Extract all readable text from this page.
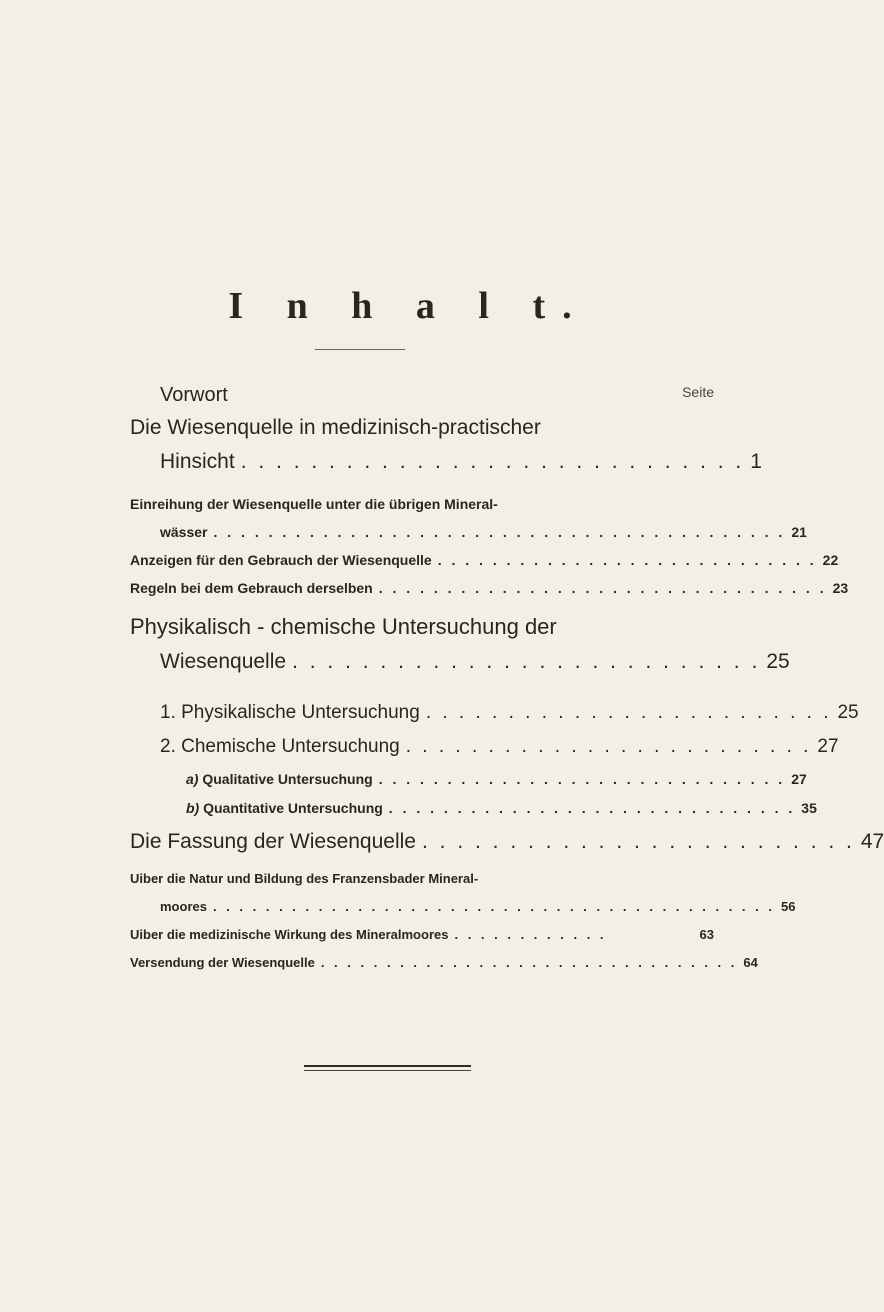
I n h a l t.
Seite
Vorwort
Die Wiesenquelle in medizinisch-practischer
Hinsicht . . . . . . . . . . . . . . . . . . . . . . . . . . . . . 1
Einreihung der Wiesenquelle unter die übrigen Mineral-
wässer . . . . . . . . . . . . . . . . . . . . . . . . . . . . . . . . . . . . . . . . . . 21
Anzeigen für den Gebrauch der Wiesenquelle . . . . . . . . . . . . . . . . . . . . . . . . . . . . 22
Regeln bei dem Gebrauch derselben . . . . . . . . . . . . . . . . . . . . . . . . . . . . . . . . . 23
Physikalisch - chemische Untersuchung der
Wiesenquelle . . . . . . . . . . . . . . . . . . . . . . . . . . . 25
1. Physikalische Untersuchung . . . . . . . . . . . . . . . . . . . . . . . . . 25
2. Chemische Untersuchung . . . . . . . . . . . . . . . . . . . . . . . . . 27
a) Qualitative Untersuchung . . . . . . . . . . . . . . . . . . . . . . . . . . . . . . 27
b) Quantitative Untersuchung . . . . . . . . . . . . . . . . . . . . . . . . . . . . . . 35
Die Fassung der Wiesenquelle . . . . . . . . . . . . . . . . . . . . . . . . . 47
Uiber die Natur und Bildung des Franzensbader Mineral-
moores . . . . . . . . . . . . . . . . . . . . . . . . . . . . . . . . . . . . . . . . . . . 56
Uiber die medizinische Wirkung des Mineralmoores . . . . . . . . . . . .	63
Versendung der Wiesenquelle . . . . . . . . . . . . . . . . . . . . . . . . . . . . . . . . 64
